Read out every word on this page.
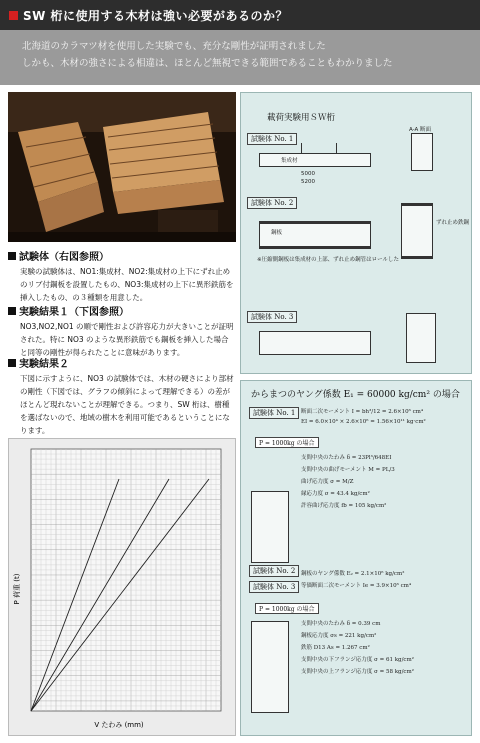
SW 桁に使用する木材は強い必要があるのか？

北海道のカラマツ材を使用した実験でも、充分な剛性が証明されました

しかも、木材の強さによる相違は、ほとんど無視できる範囲であることもわかりました

載荷実験用ＳＷ桁
試験体 No. 1
集成材
5000
5200
A-A 断面
試験体 No. 2
鋼板
※圧縮側鋼板は集成材の上部、ずれ止め鋼管はロールした
ずれ止め鉄鋼
試験体 No. 3
試験体（右図参照）

実験の試験体は、NO1:集成材、NO2:集成材の上下にずれ止めのリブ付鋼板を設置したもの、NO3:集成材の上下に異形鉄筋を挿入したもの、の３種類を用意した。

実験結果１（下図参照）

NO3,NO2,NO1 の順で剛性および許容応力が大きいことが証明された。特に NO3 のような異形鉄筋でも鋼板を挿入した場合と同等の剛性が得られたことに意味があります。

実験結果２

下図に示すように、NO3 の試験体では、木材の硬さにより部材の剛性（下図では、グラフの傾斜によって理解できる）の差がほとんど現れないことが理解できる。つまり、SW 桁は、樹種を選ばないので、地域の樹木を利用可能であるということになります。

V たわみ (mm)
P 荷重 (t)
からまつのヤング係数 E₁ = 60000 kg/cm² の場合
試験体 No. 1	断面二次モーメント I = bh³/12 = 2.6×10⁶ cm⁴
EI = 6.0×10⁴ × 2.6×10⁶ = 1.56×10¹¹ kg·cm²
P = 1000kg の場合
支間中央のたわみ δ = 23Pl³/648EI
支間中央の曲げモーメント M = PL/3
曲げ応力度 σ = M/Z
縁応力度 σ = 43.4 kg/cm²
許容曲げ応力度 fb = 105 kg/cm²
試験体 No. 2
試験体 No. 3
鋼板のヤング係数 E₂ = 2.1×10⁶ kg/cm²
等価断面二次モーメント Ie = 3.9×10⁶ cm⁴
P = 1000kg の場合
支間中央のたわみ δ = 0.39 cm
鋼板応力度 σs = 221 kg/cm²
鉄筋 D13 As = 1.267 cm²
支間中央の下フランジ応力度 σ = 61 kg/cm²
支間中央の上フランジ応力度 σ = 58 kg/cm²
